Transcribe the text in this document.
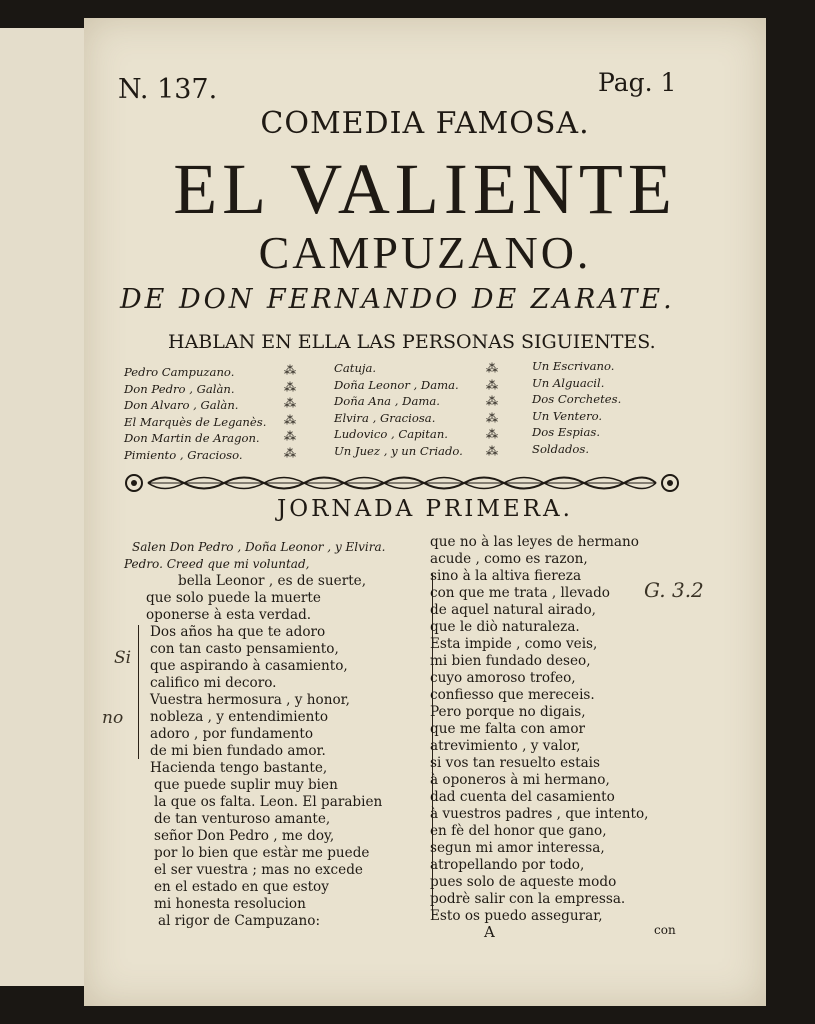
N. 137.	Pag. 1
COMEDIA FAMOSA.
EL VALIENTE
CAMPUZANO.
DE DON FERNANDO DE ZARATE.
HABLAN EN ELLA LAS PERSONAS SIGUIENTES.
Pedro Campuzano.
Don Pedro , Galàn.
Don Alvaro , Galàn.
El Marquès de Leganès.
Don Martin de Aragon.
Pimiento , Gracioso.
⁂
⁂
⁂
⁂
⁂
⁂
Catuja.
Doña Leonor , Dama.
Doña Ana , Dama.
Elvira , Graciosa.
Ludovico , Capitan.
Un Juez , y un Criado.
⁂
⁂
⁂
⁂
⁂
⁂
Un Escrivano.
Un Alguacil.
Dos Corchetes.
Un Ventero.
Dos Espias.
Soldados.
JORNADA PRIMERA.
Salen Don Pedro , Doña Leonor , y Elvira.
Pedro. Creed que mi voluntad,
bella Leonor , es de suerte,
que solo puede la muerte
oponerse à esta verdad.
Dos años ha que te adoro
con tan casto pensamiento,
que aspirando à casamiento,
califico mi decoro.
Vuestra hermosura , y honor,
nobleza , y entendimiento
adoro , por fundamento
de mi bien fundado amor.
Hacienda tengo bastante,
que puede suplir muy bien
la que os falta. Leon. El parabien
de tan venturoso amante,
señor Don Pedro , me doy,
por lo bien que estàr me puede
el ser vuestra ; mas no excede
en el estado en que estoy
mi honesta resolucion
al rigor de Campuzano:
Si
no
G. 3.2
que no à las leyes de hermano
acude , como es razon,
sino à la altiva fiereza
con que me trata , llevado
de aquel natural airado,
que le diò naturaleza.
Esta impide , como veis,
mi bien fundado deseo,
cuyo amoroso trofeo,
confiesso que mereceis.
Pero porque no digais,
que me falta con amor
atrevimiento , y valor,
si vos tan resuelto estais
à oponeros à mi hermano,
dad cuenta del casamiento
à vuestros padres , que intento,
en fè del honor que gano,
segun mi amor interessa,
atropellando por todo,
pues solo de aqueste modo
podrè salir con la empressa.
Esto os puedo assegurar,
A	con
